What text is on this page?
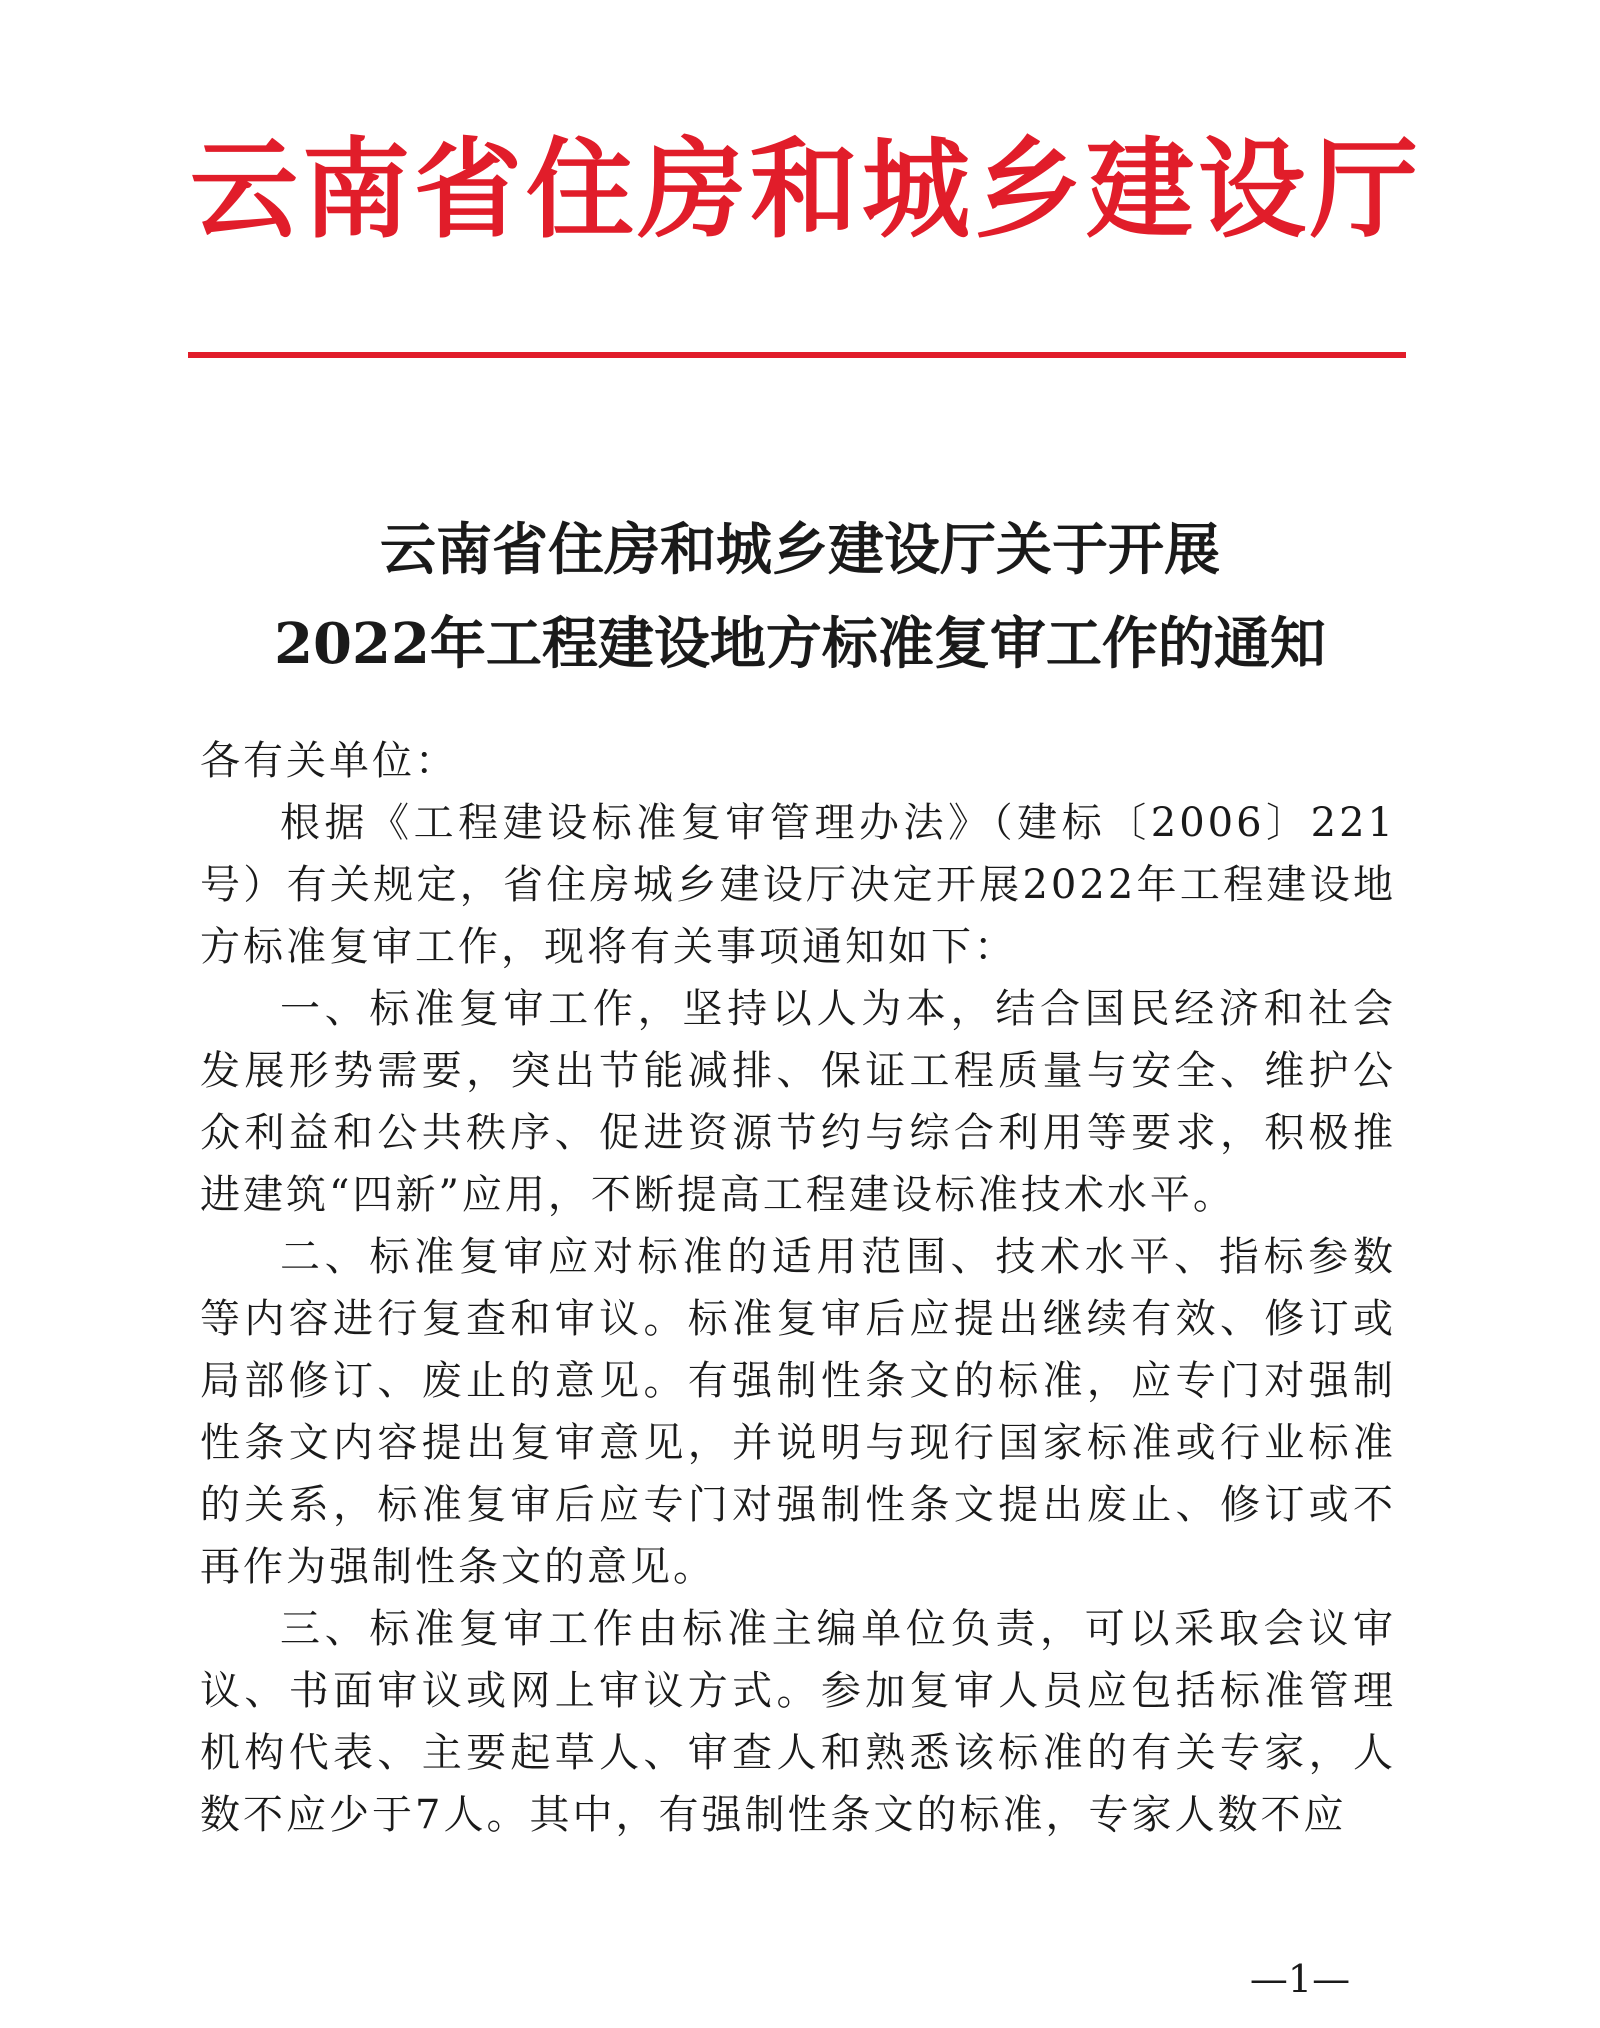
云南省住房和城乡建设厅
云南省住房和城乡建设厅关于开展
2022年工程建设地方标准复审工作的通知

各有关单位：

根据《工程建设标准复审管理办法》（建标〔2006〕221号）有关规定，省住房城乡建设厅决定开展2022年工程建设地方标准复审工作，现将有关事项通知如下：

一、标准复审工作，坚持以人为本，结合国民经济和社会发展形势需要，突出节能减排、保证工程质量与安全、维护公众利益和公共秩序、促进资源节约与综合利用等要求，积极推进建筑“四新”应用，不断提高工程建设标准技术水平。

二、标准复审应对标准的适用范围、技术水平、指标参数等内容进行复查和审议。标准复审后应提出继续有效、修订或局部修订、废止的意见。有强制性条文的标准，应专门对强制性条文内容提出复审意见，并说明与现行国家标准或行业标准的关系，标准复审后应专门对强制性条文提出废止、修订或不再作为强制性条文的意见。

三、标准复审工作由标准主编单位负责，可以采取会议审议、书面审议或网上审议方式。参加复审人员应包括标准管理机构代表、主要起草人、审查人和熟悉该标准的有关专家，人数不应少于7人。其中，有强制性条文的标准，专家人数不应

—1—
